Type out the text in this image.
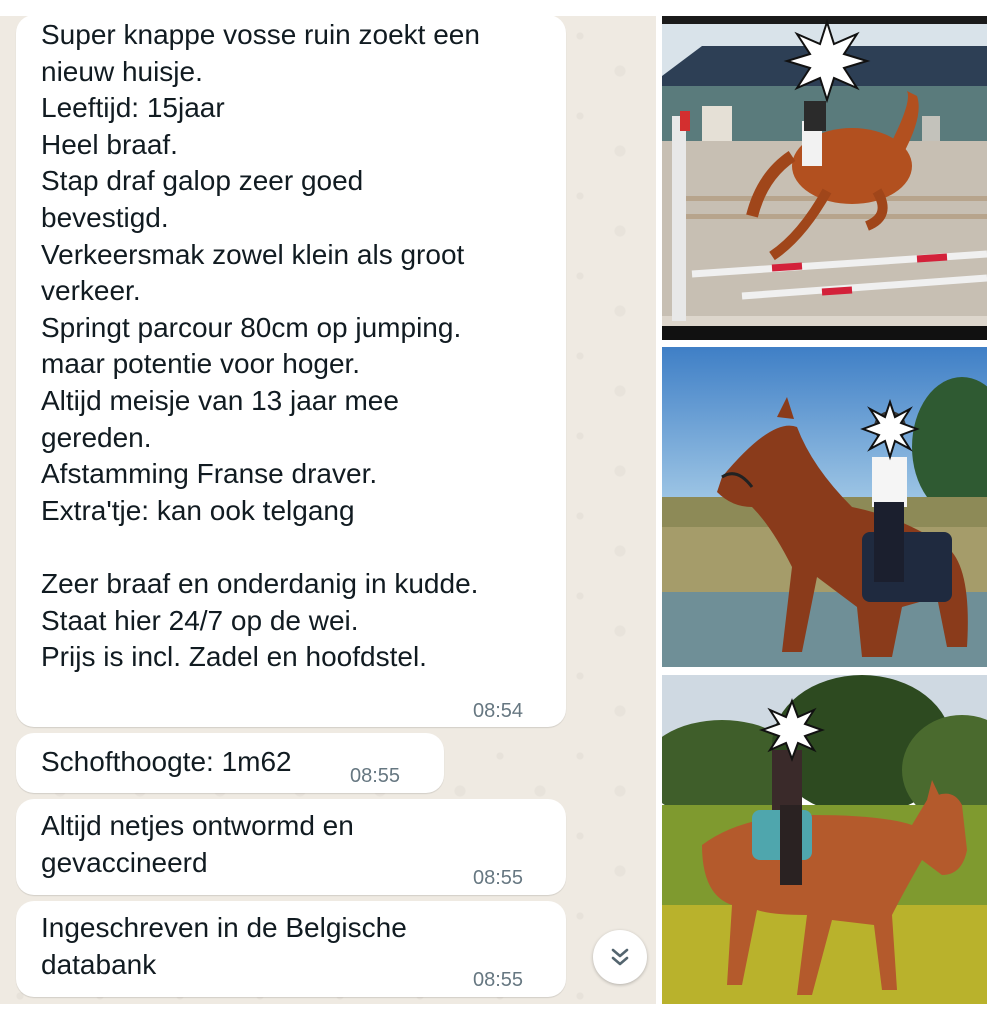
Super knappe vosse ruin zoekt een
nieuw huisje.
Leeftijd: 15jaar
Heel braaf.
Stap draf galop zeer goed
bevestigd.
Verkeersmak zowel klein als groot
verkeer.
Springt parcour 80cm op jumping.
maar potentie voor hoger.
Altijd meisje van 13 jaar mee
gereden.
Afstamming Franse draver.
Extra'tje: kan ook telgang

Zeer braaf en onderdanig in kudde.
Staat hier 24/7 op de wei.
Prijs is incl. Zadel en hoofdstel.
08:54
Schofthoogte: 1m62	08:55
Altijd netjes ontwormd en
gevaccineerd
08:55
Ingeschreven in de Belgische
databank
08:55
